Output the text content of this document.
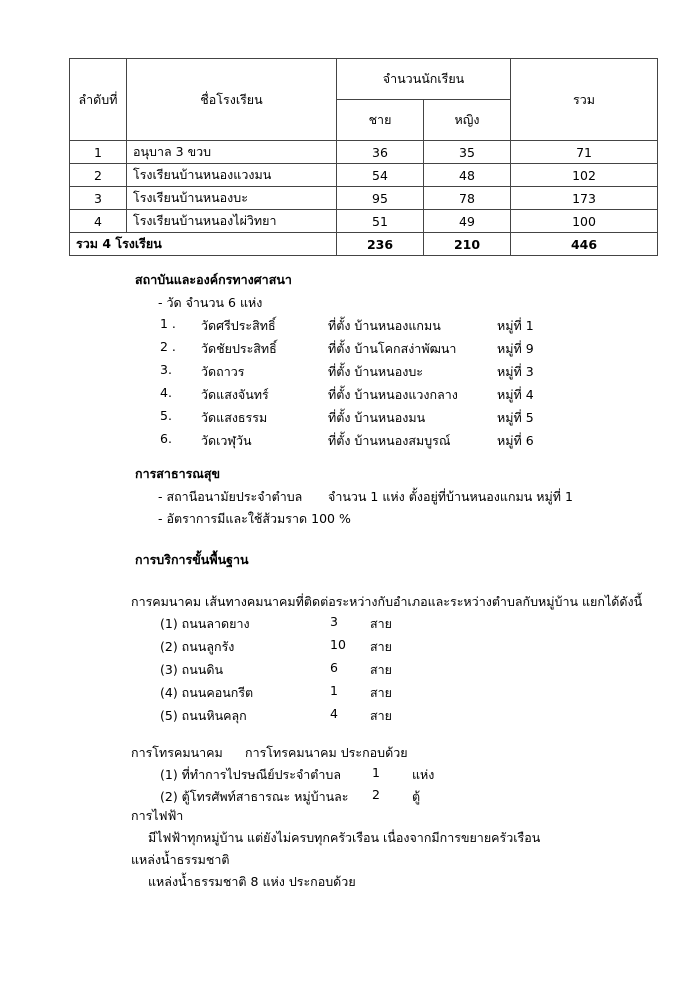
ลำดับที่	ชื่อโรงเรียน	จำนวนนักเรียน		รวม
		ชาย	หญิง	
1	อนุบาล 3 ขวบ	36	35	71
2	โรงเรียนบ้านหนองแวงมน	54	48	102
3	โรงเรียนบ้านหนองบะ	95	78	173
4	โรงเรียนบ้านหนองไผ่วิทยา	51	49	100
รวม 4 โรงเรียน		236	210	446
สถาบันและองค์กรทางศาสนา
- วัด จำนวน 6 แห่ง
1 . วัดศรีประสิทธิ์	ที่ตั้ง บ้านหนองแกมน	หมู่ที่ 1
2 . วัดชัยประสิทธิ์	ที่ตั้ง บ้านโคกสง่าพัฒนา	หมู่ที่ 9
3. วัดถาวร	ที่ตั้ง บ้านหนองบะ	หมู่ที่ 3
4. วัดแสงจันทร์	ที่ตั้ง บ้านหนองแวงกลาง	หมู่ที่ 4
5. วัดแสงธรรม	ที่ตั้ง บ้านหนองมน	หมู่ที่ 5
6. วัดเวฬุวัน	ที่ตั้ง บ้านหนองสมบูรณ์	หมู่ที่ 6
การสาธารณสุข
- สถานีอนามัยประจำตำบล จำนวน 1 แห่ง ตั้งอยู่ที่บ้านหนองแกมน หมู่ที่ 1
- อัตราการมีและใช้ส้วมราด 100 %
การบริการขั้นพื้นฐาน
การคมนาคม เส้นทางคมนาคมที่ติดต่อระหว่างกับอำเภอและระหว่างตำบลกับหมู่บ้าน แยกได้ดังนี้
(1) ถนนลาดยาง	3	สาย
(2) ถนนลูกรัง	10 สาย
(3) ถนนดิน	6	สาย
(4) ถนนคอนกรีต	1	สาย
(5) ถนนหินคลุก	4	สาย
การโทรคมนาคม การโทรคมนาคม ประกอบด้วย
(1) ที่ทำการไปรษณีย์ประจำตำบล 1	แห่ง
(2) ตู้โทรศัพท์สาธารณะ หมู่บ้านละ 2	ตู้
การไฟฟ้า
มีไฟฟ้าทุกหมู่บ้าน แต่ยังไม่ครบทุกครัวเรือน เนื่องจากมีการขยายครัวเรือน
แหล่งน้ำธรรมชาติ
แหล่งน้ำธรรมชาติ 8 แห่ง ประกอบด้วย
